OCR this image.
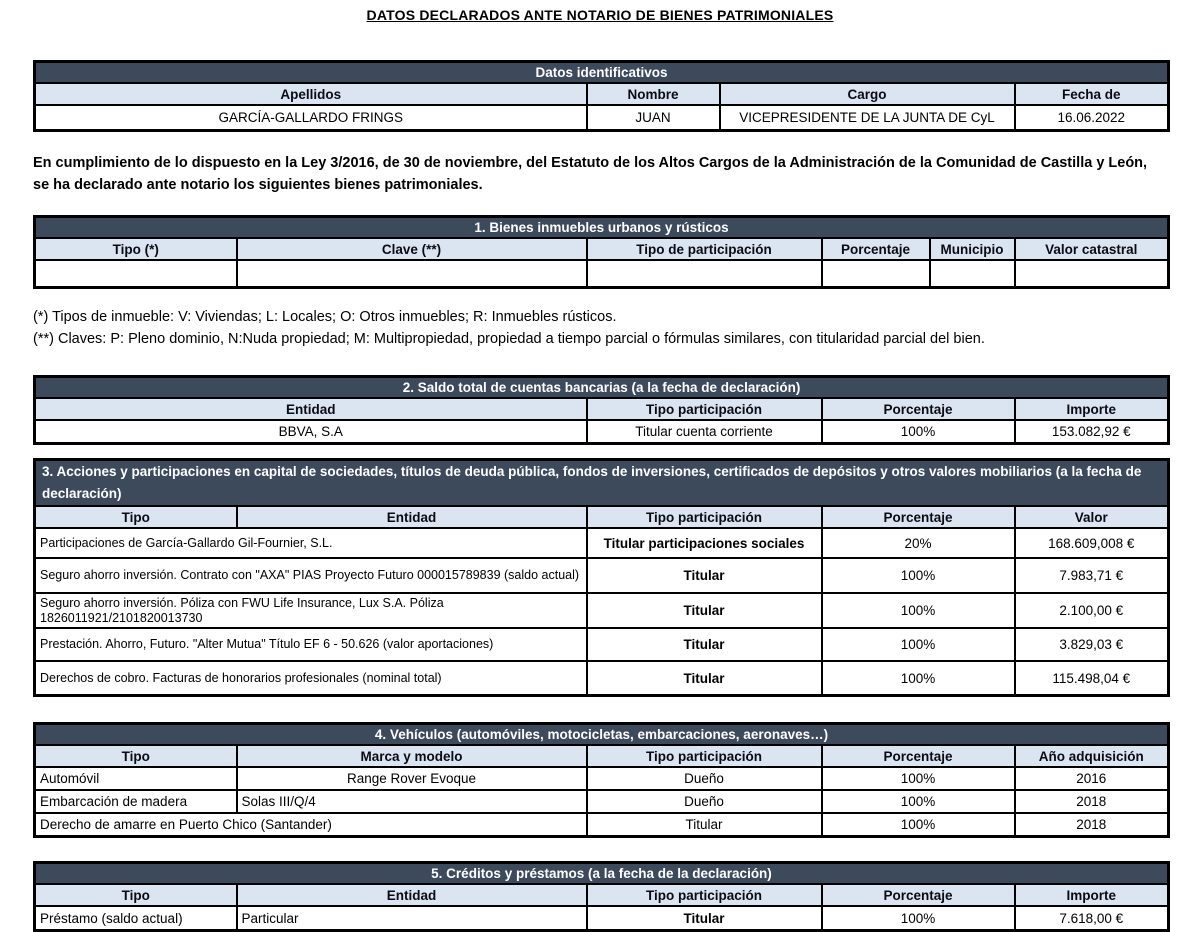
DATOS DECLARADOS ANTE NOTARIO DE BIENES PATRIMONIALES
Datos identificativos			
Apellidos	Nombre	Cargo	Fecha de
GARCÍA-GALLARDO FRINGS	JUAN	VICEPRESIDENTE DE LA JUNTA DE CyL	16.06.2022

En cumplimiento de lo dispuesto en la Ley 3/2016, de 30 de noviembre, del Estatuto de los Altos Cargos de la Administración de la Comunidad de Castilla y León, se ha declarado ante notario los siguientes bienes patrimoniales.

1. Bienes inmuebles urbanos y rústicos					
Tipo (*)	Clave (**)	Tipo de participación	Porcentaje	Municipio	Valor catastral

(*) Tipos de inmueble: V: Viviendas; L: Locales; O: Otros inmuebles; R: Inmuebles rústicos.

(**) Claves: P: Pleno dominio, N:Nuda propiedad; M: Multipropiedad, propiedad a tiempo parcial o fórmulas similares, con titularidad parcial del bien.

2. Saldo total de cuentas bancarias (a la fecha de declaración)			
Entidad	Tipo participación	Porcentaje	Importe
BBVA, S.A	Titular cuenta corriente	100%	153.082,92 €
3. Acciones y participaciones en capital de sociedades, títulos de deuda pública, fondos de inversiones, certificados de depósitos y otros valores mobiliarios (a la fecha de declaración)				
Tipo	Entidad	Tipo participación	Porcentaje	Valor
Participaciones de García-Gallardo Gil-Fournier, S.L.		Titular participaciones sociales	20%	168.609,008 €
Seguro ahorro inversión. Contrato con "AXA" PIAS Proyecto Futuro 000015789839 (saldo actual)		Titular	100%	7.983,71 €
Seguro ahorro inversión. Póliza con FWU Life Insurance, Lux S.A. Póliza 1826011921/2101820013730		Titular	100%	2.100,00 €
Prestación. Ahorro, Futuro. "Alter Mutua" Título EF 6 - 50.626 (valor aportaciones)		Titular	100%	3.829,03 €
Derechos de cobro. Facturas de honorarios profesionales (nominal total)		Titular	100%	115.498,04 €
4. Vehículos (automóviles, motocicletas, embarcaciones, aeronaves…)				
Tipo	Marca y modelo	Tipo participación	Porcentaje	Año adquisición
Automóvil	Range Rover Evoque	Dueño	100%	2016
Embarcación de madera	Solas III/Q/4	Dueño	100%	2018
Derecho de amarre en Puerto Chico (Santander)		Titular	100%	2018
5. Créditos y préstamos (a la fecha de la declaración)				
Tipo	Entidad	Tipo participación	Porcentaje	Importe
Préstamo (saldo actual)	Particular	Titular	100%	7.618,00 €
